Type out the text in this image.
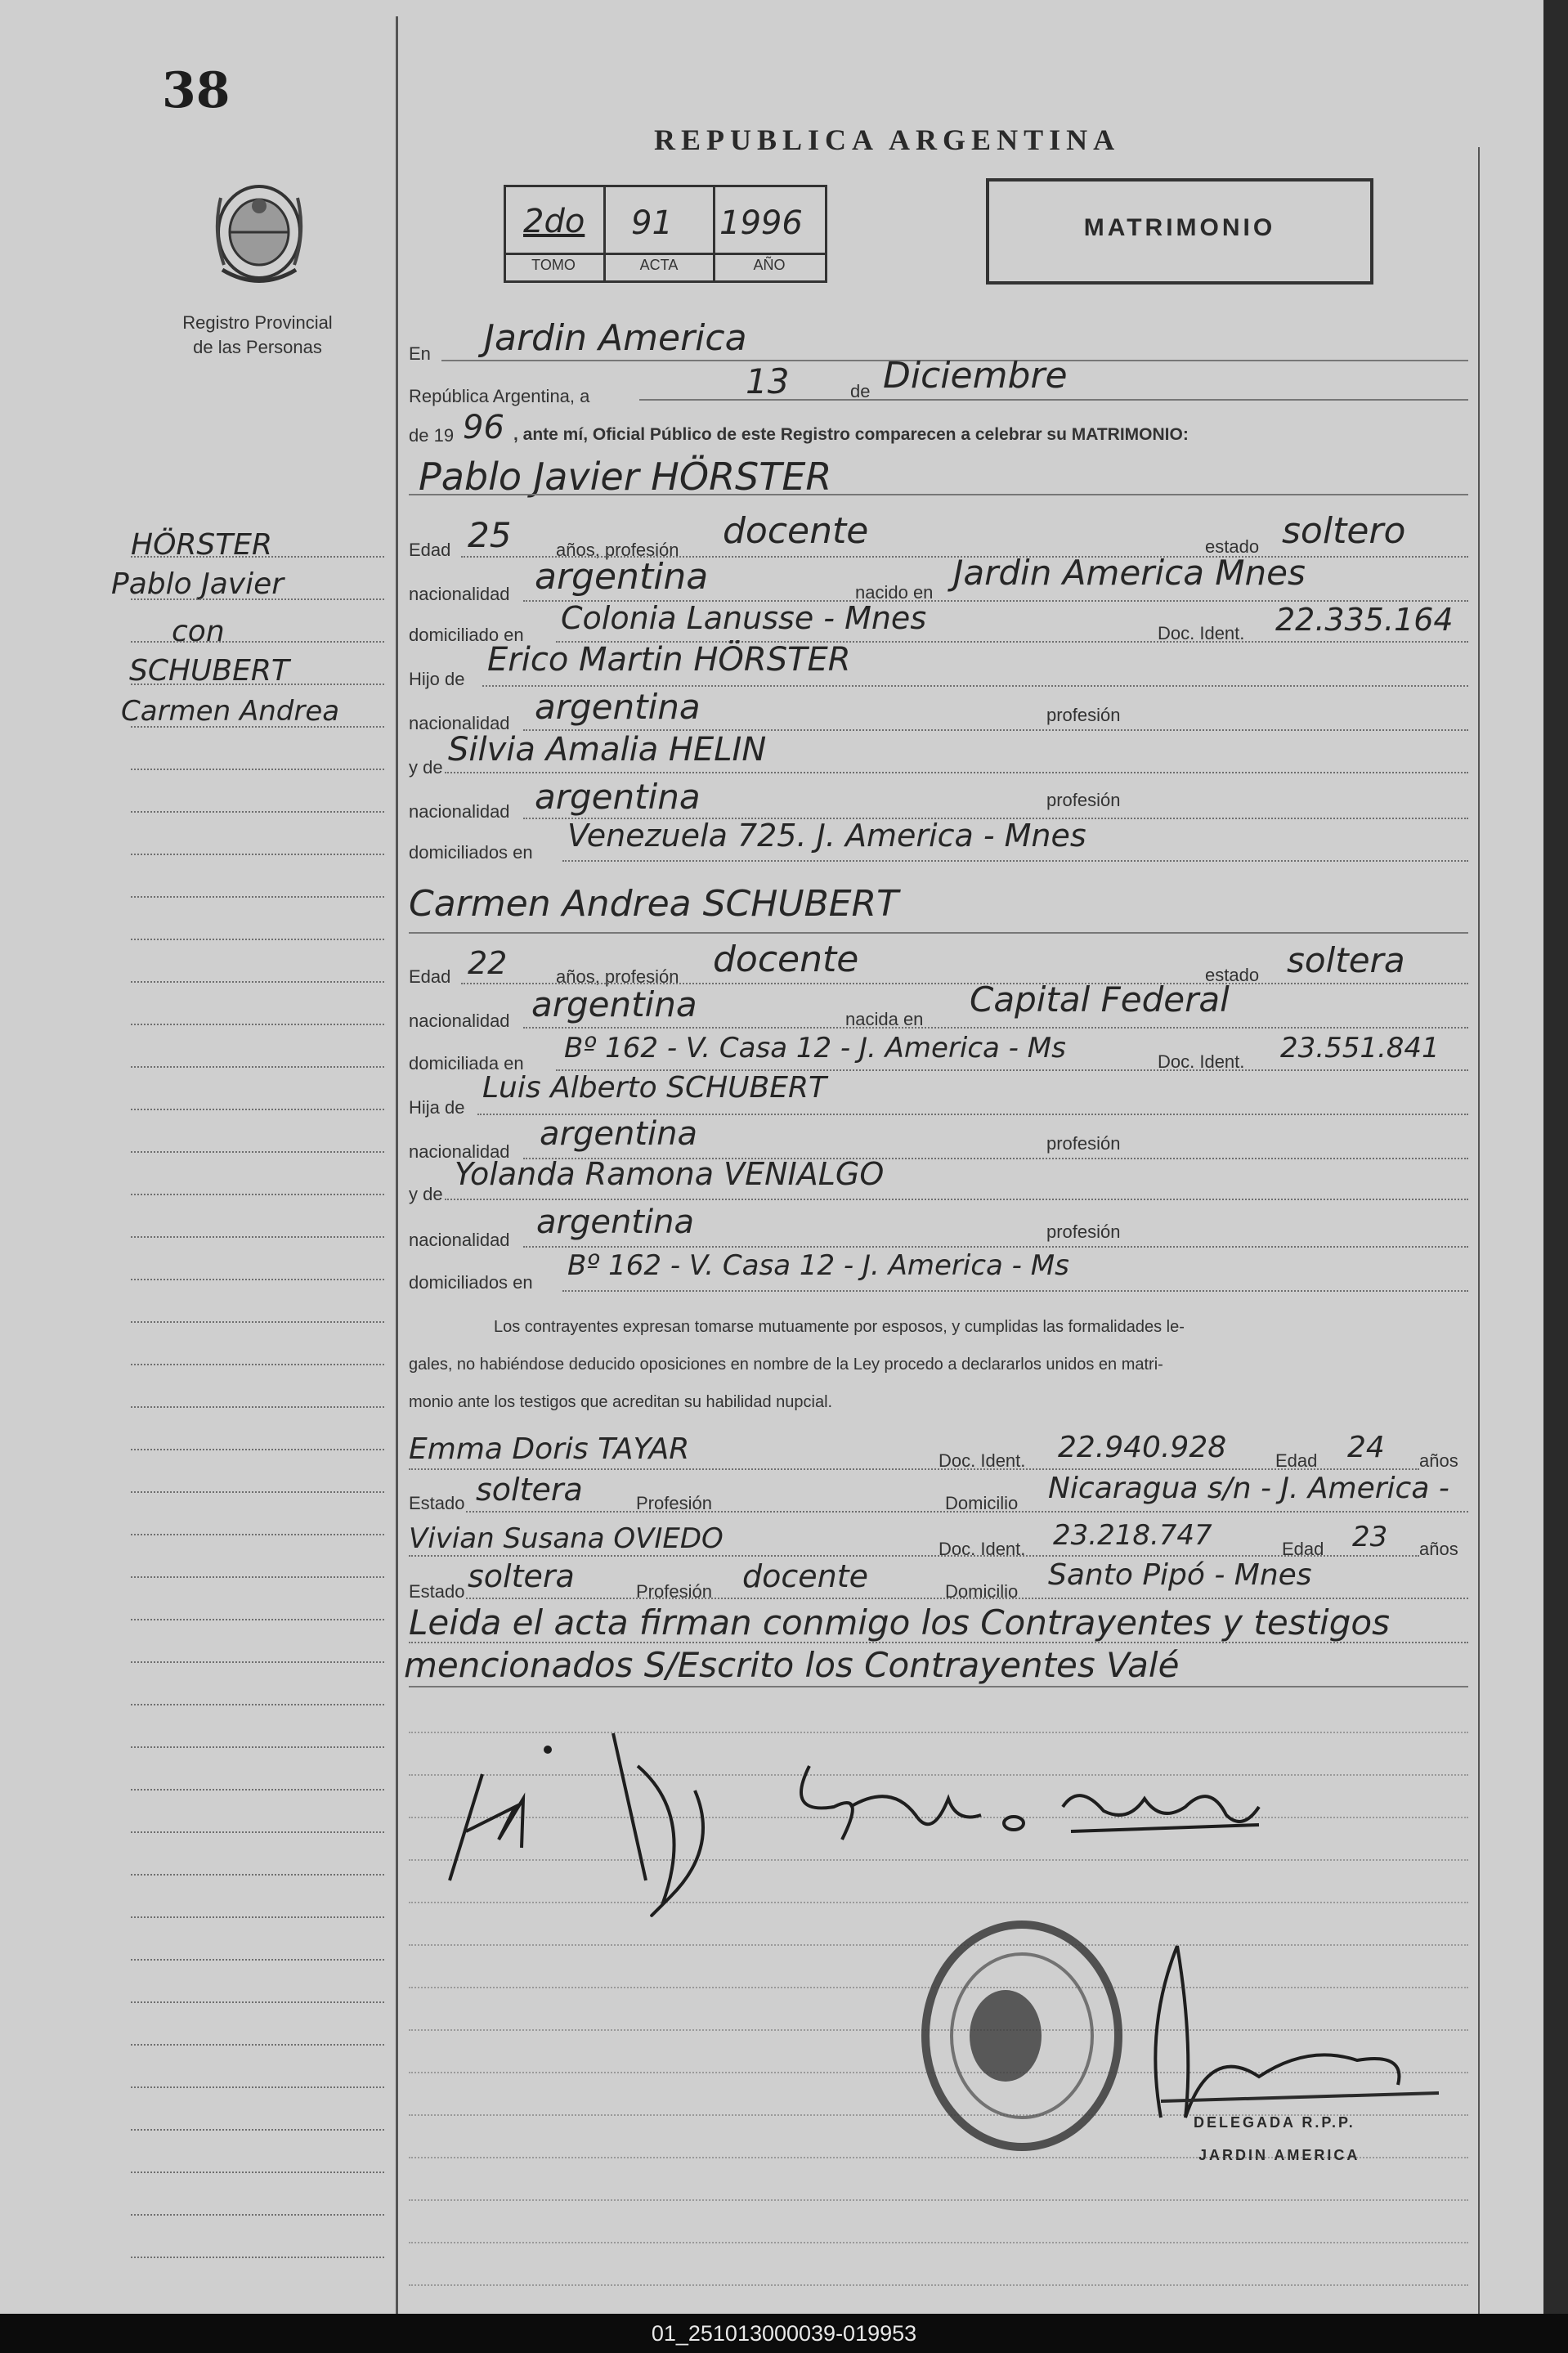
38
Registro Provincial
de las Personas
HÖRSTER
Pablo Javier
con
SCHUBERT
Carmen Andrea
REPUBLICA ARGENTINA
2do 91 1996
TOMO	ACTA	AÑO
MATRIMONIO
En Jardin America
República Argentina, a	13	de Diciembre
de 19 96 , ante mí, Oficial Público de este Registro comparecen a celebrar su MATRIMONIO:
Pablo Javier HÖRSTER
Edad 25 años, profesión docente	estado soltero
nacionalidad argentina	nacido en Jardin America Mnes
domiciliado en Colonia Lanusse - Mnes	Doc. Ident. 22.335.164
Hijo de
Erico Martin HÖRSTER
nacionalidad argentina	profesión
y de Silvia Amalia HELIN
nacionalidad argentina	profesión
domiciliados en Venezuela 725. J. America - Mnes
Carmen Andrea SCHUBERT
Edad 22	años, profesión docente	estado soltera
nacionalidad argentina	nacida en Capital Federal
domiciliada en Bº 162 - V. Casa 12 - J. America - Ms	Doc. Ident. 23.551.841
Hija de
Luis Alberto SCHUBERT
nacionalidad argentina	profesión
y de
Yolanda Ramona VENIALGO
nacionalidad argentina	profesión
domiciliados en
Bº 162 - V. Casa 12 - J. America - Ms
Los contrayentes expresan tomarse mutuamente por esposos, y cumplidas las formalidades le-
gales, no habiéndose deducido oposiciones en nombre de la Ley procedo a declararlos unidos en matri-
monio ante los testigos que acreditan su habilidad nupcial.
Emma Doris TAYAR	Doc. Ident. 22.940.928	Edad 24 años
Estado soltera	Profesión	Domicilio Nicaragua s/n - J. America -
Vivian Susana OVIEDO	Doc. Ident. 23.218.747	Edad 23 años
Estado soltera	Profesión docente	Domicilio Santo Pipó - Mnes
Leida el acta firman conmigo los Contrayentes y testigos
mencionados S/Escrito los Contrayentes Valé
DELEGADA R.P.P.
JARDIN AMERICA
01_251013000039-019953
